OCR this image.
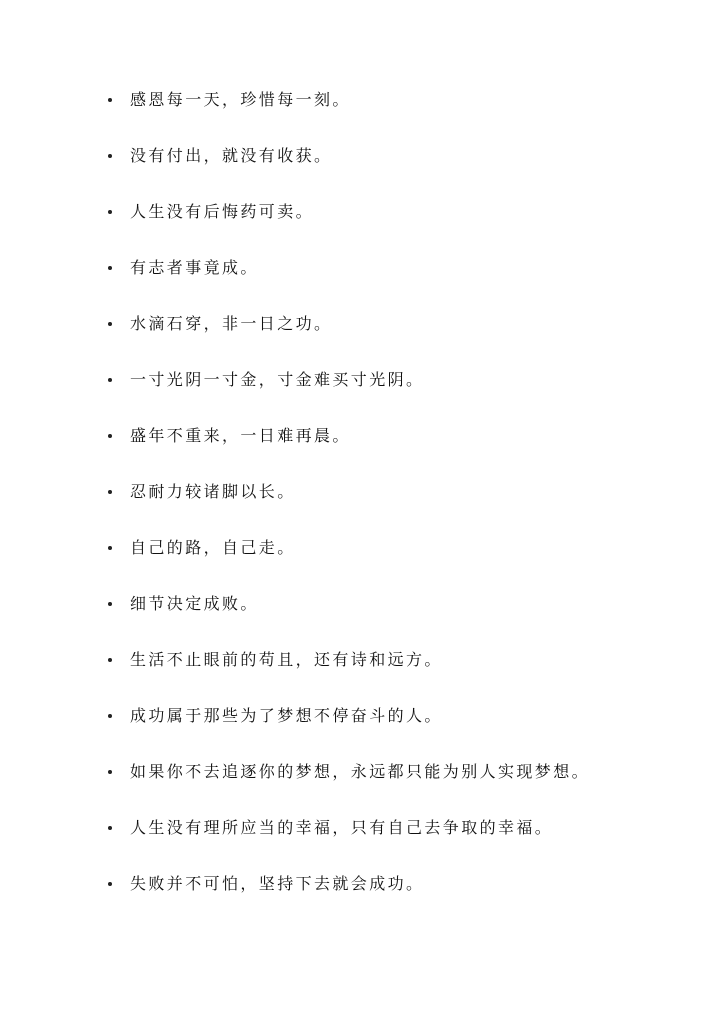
感恩每一天，珍惜每一刻。
没有付出，就没有收获。
人生没有后悔药可卖。
有志者事竟成。
水滴石穿，非一日之功。
一寸光阴一寸金，寸金难买寸光阴。
盛年不重来，一日难再晨。
忍耐力较诸脚以长。
自己的路，自己走。
细节决定成败。
生活不止眼前的苟且，还有诗和远方。
成功属于那些为了梦想不停奋斗的人。
如果你不去追逐你的梦想，永远都只能为别人实现梦想。
人生没有理所应当的幸福，只有自己去争取的幸福。
失败并不可怕，坚持下去就会成功。
